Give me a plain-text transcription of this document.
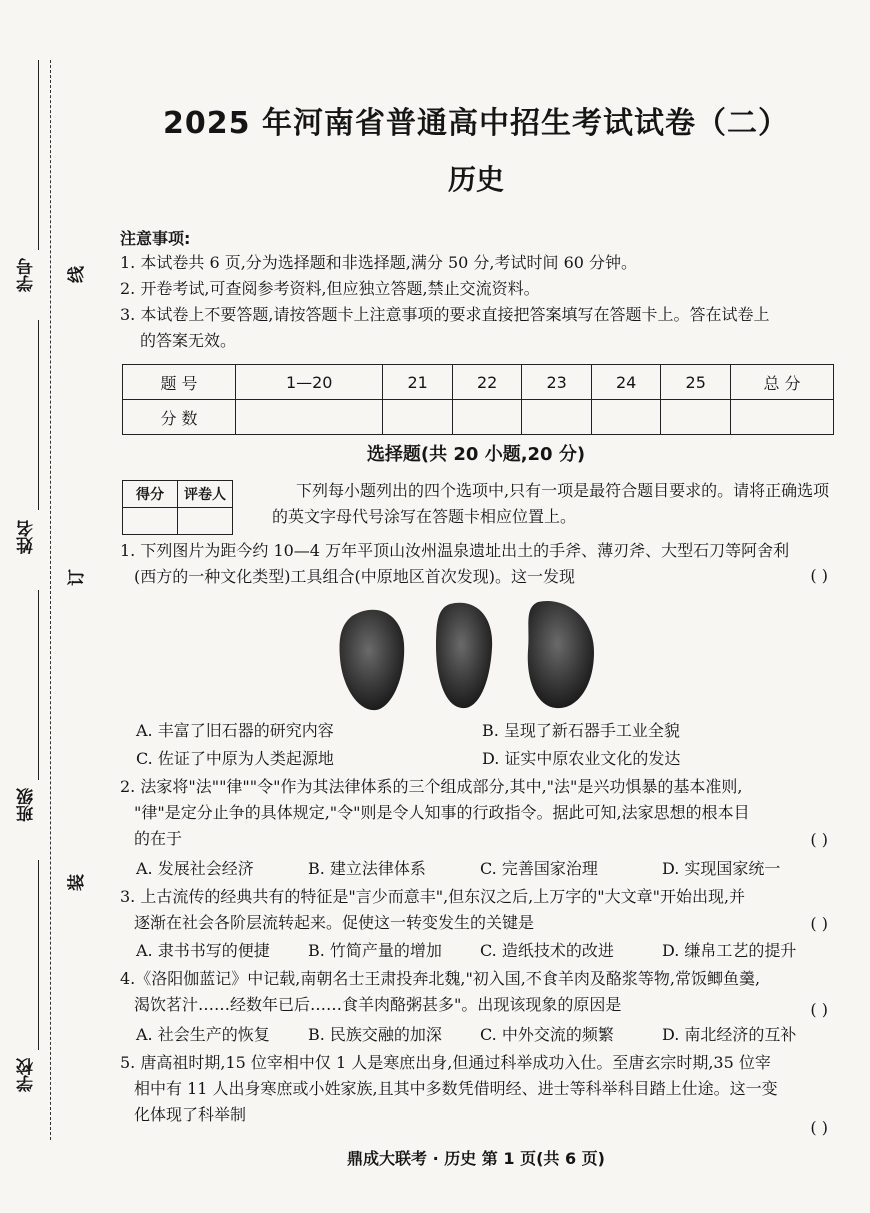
学号
姓名
班级
学校
线
订
装
2025 年河南省普通高中招生考试试卷（二）
历史
注意事项:
1. 本试卷共 6 页,分为选择题和非选择题,满分 50 分,考试时间 60 分钟。
2. 开卷考试,可查阅参考资料,但应独立答题,禁止交流资料。
3. 本试卷上不要答题,请按答题卡上注意事项的要求直接把答案填写在答题卡上。答在试卷上
的答案无效。
题 号	1—20	21	22	23	24	25	总 分
分 数							
选择题(共 20 小题,20 分)
得分	评卷人
		下列每小题列出的四个选项中,只有一项是最符合题目要求的。请将正确选项的英文字母代号涂写在答题卡相应位置上。
1. 下列图片为距今约 10—4 万年平顶山汝州温泉遗址出土的手斧、薄刃斧、大型石刀等阿舍利
(西方的一种文化类型)工具组合(中原地区首次发现)。这一发现	( )
A. 丰富了旧石器的研究内容	B. 呈现了新石器手工业全貌
C. 佐证了中原为人类起源地	D. 证实中原农业文化的发达
2. 法家将"法""律""令"作为其法律体系的三个组成部分,其中,"法"是兴功惧暴的基本准则,
"律"是定分止争的具体规定,"令"则是令人知事的行政指令。据此可知,法家思想的根本目
的在于	( )
A. 发展社会经济	B. 建立法律体系	C. 完善国家治理	D. 实现国家统一
3. 上古流传的经典共有的特征是"言少而意丰",但东汉之后,上万字的"大文章"开始出现,并
逐渐在社会各阶层流转起来。促使这一转变发生的关键是	( )
A. 隶书书写的便捷 B. 竹简产量的增加 C. 造纸技术的改进	D. 缣帛工艺的提升
4.《洛阳伽蓝记》中记载,南朝名士王肃投奔北魏,"初入国,不食羊肉及酪浆等物,常饭鲫鱼羹,
渴饮茗汁……经数年已后……食羊肉酪粥甚多"。出现该现象的原因是	( )
A. 社会生产的恢复 B. 民族交融的加深 C. 中外交流的频繁	D. 南北经济的互补
5. 唐高祖时期,15 位宰相中仅 1 人是寒庶出身,但通过科举成功入仕。至唐玄宗时期,35 位宰
相中有 11 人出身寒庶或小姓家族,且其中多数凭借明经、进士等科举科目踏上仕途。这一变
化体现了科举制
( )
鼎成大联考 · 历史 第 1 页(共 6 页)
